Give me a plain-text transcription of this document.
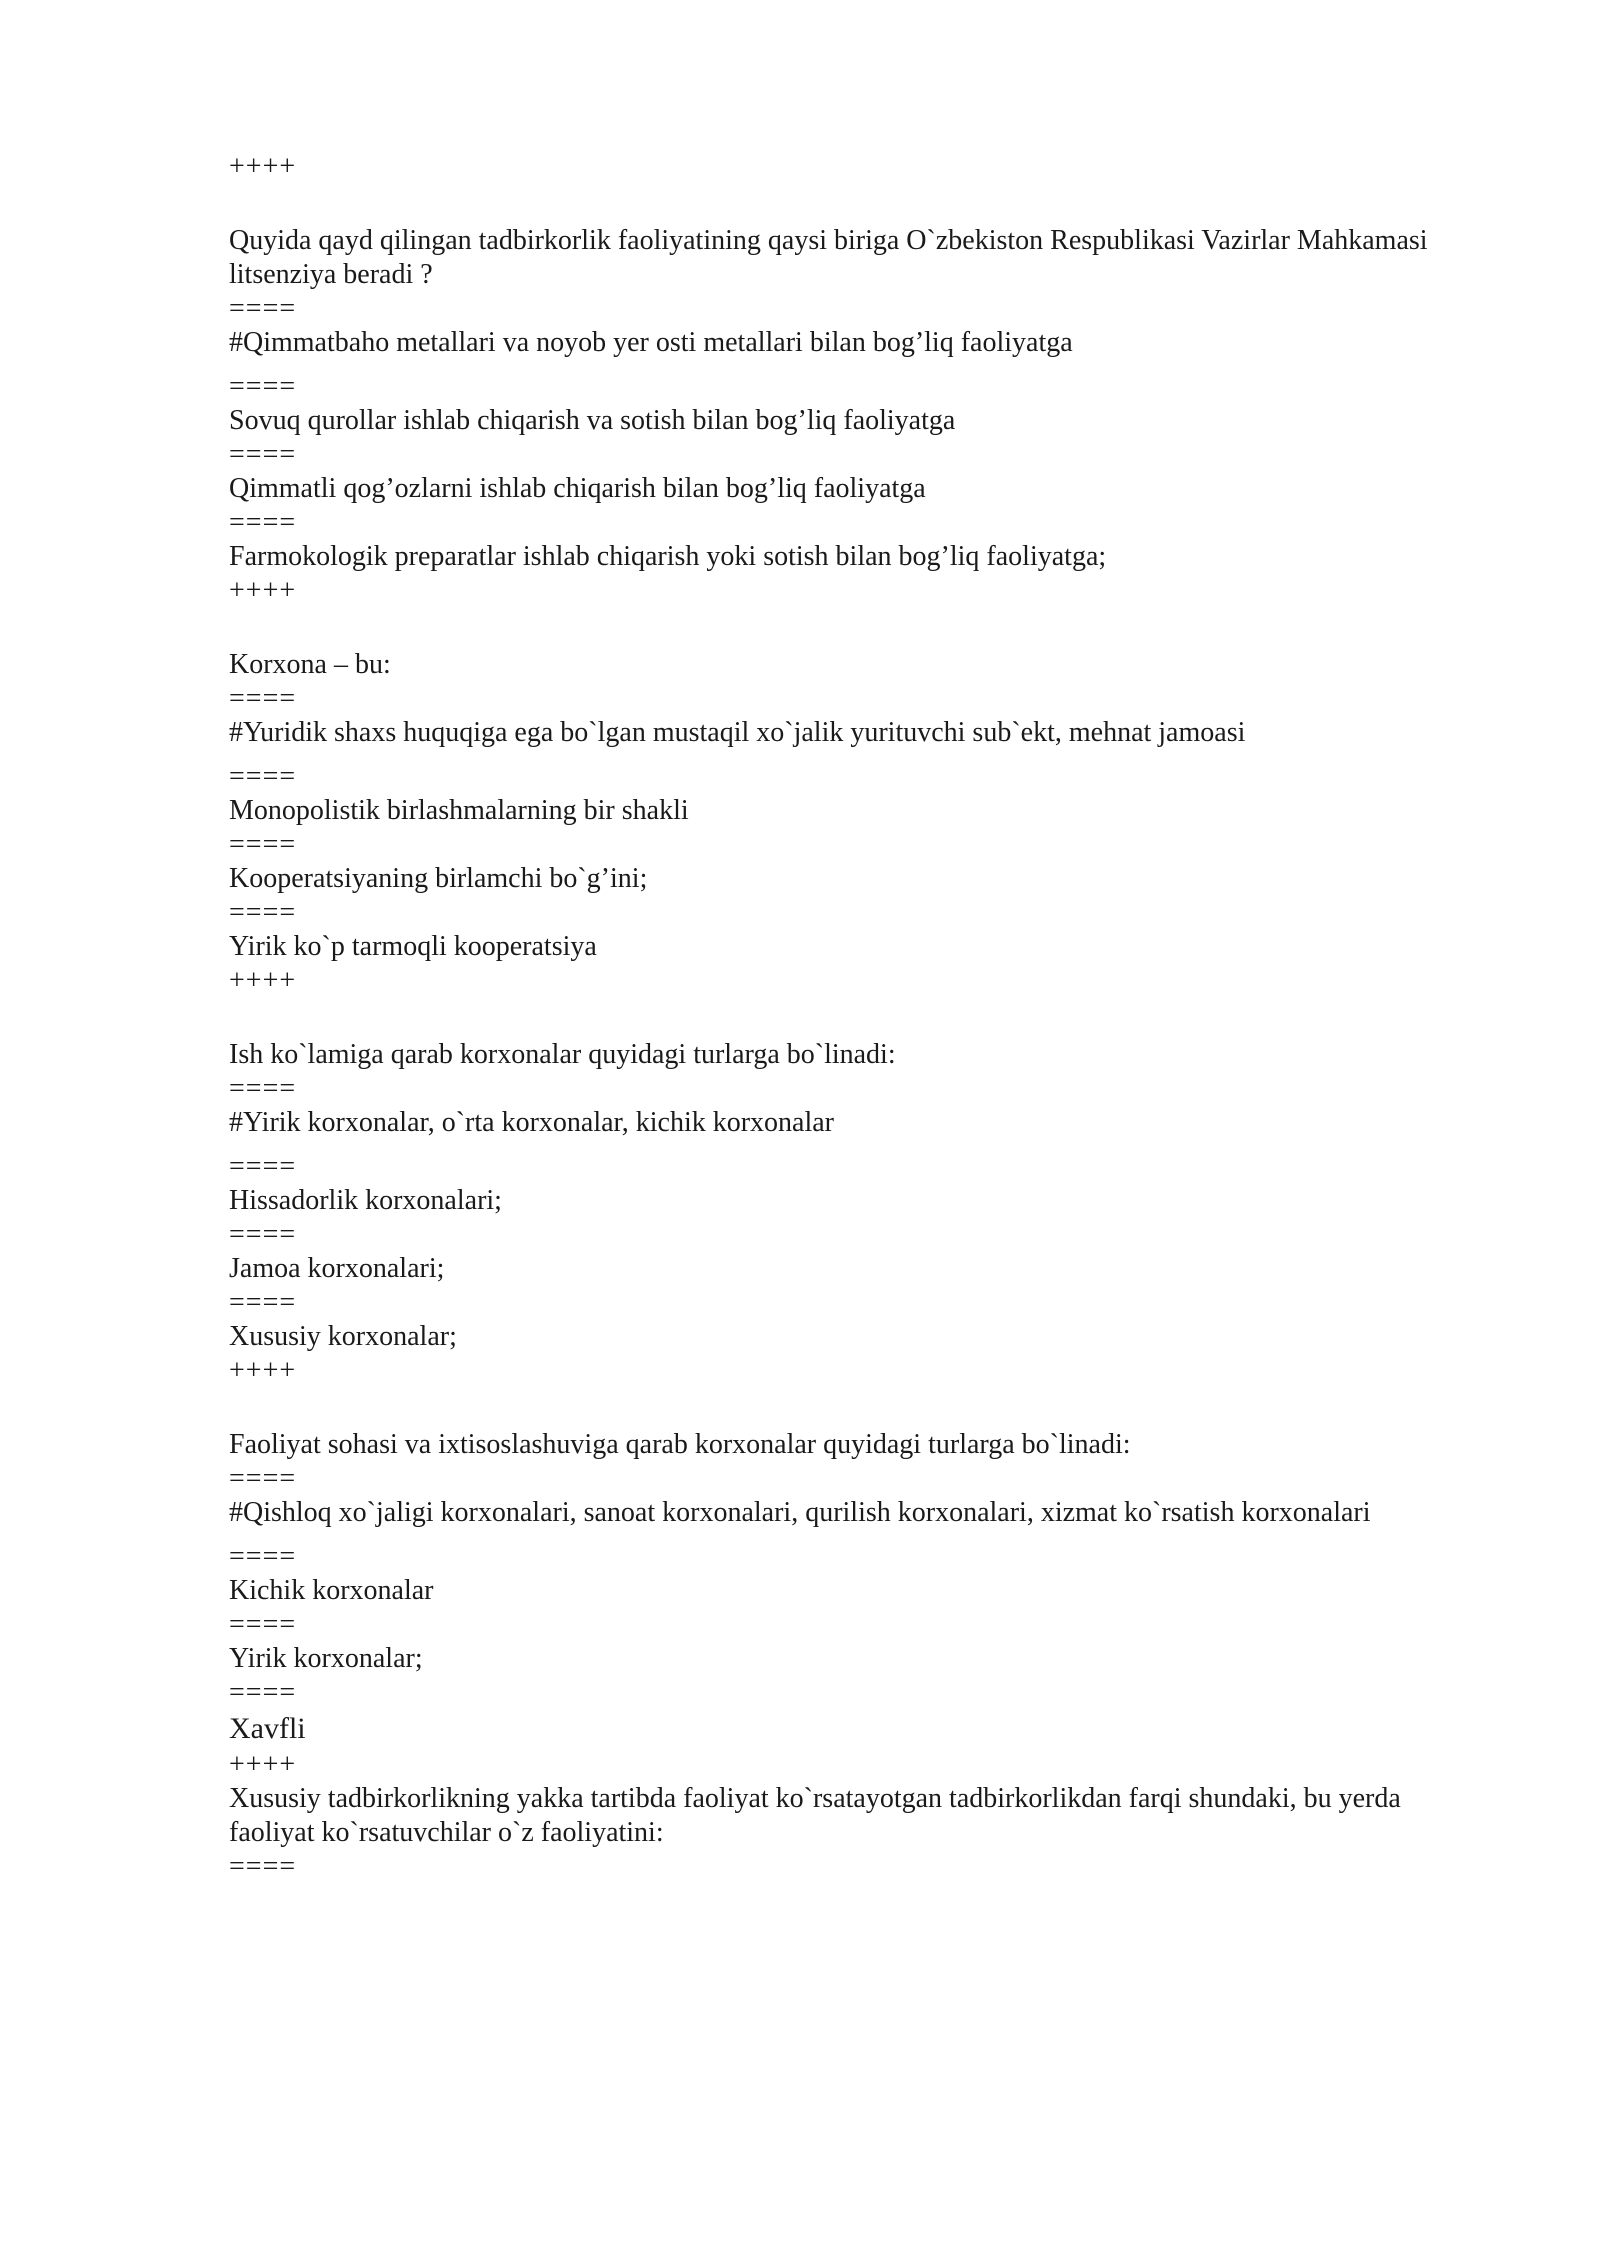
++++
Quyida qayd qilingan tadbirkorlik faoliyatining qaysi biriga O`zbekiston Respublikasi Vazirlar Mahkamasi litsenziya beradi ?
====
#Qimmatbaho metallari va noyob yer osti metallari bilan bog’liq faoliyatga
====
Sovuq qurollar ishlab chiqarish va sotish bilan bog’liq faoliyatga
====
Qimmatli qog’ozlarni ishlab chiqarish bilan bog’liq faoliyatga
====
Farmokologik preparatlar ishlab chiqarish yoki sotish bilan bog’liq faoliyatga;
++++
Korxona – bu:
====
#Yuridik shaxs huquqiga ega bo`lgan mustaqil xo`jalik yurituvchi sub`ekt, mehnat jamoasi
====
Monopolistik birlashmalarning bir shakli
====
Kooperatsiyaning birlamchi bo`g’ini;
====
Yirik ko`p tarmoqli kooperatsiya
++++
Ish ko`lamiga qarab korxonalar quyidagi turlarga bo`linadi:
====
#Yirik korxonalar, o`rta korxonalar, kichik korxonalar
====
Hissadorlik korxonalari;
====
Jamoa korxonalari;
====
Xususiy korxonalar;
++++
Faoliyat sohasi va ixtisoslashuviga qarab korxonalar quyidagi turlarga bo`linadi:
====
#Qishloq xo`jaligi korxonalari, sanoat korxonalari, qurilish korxonalari, xizmat ko`rsatish korxonalari
====
Kichik korxonalar
====
Yirik korxonalar;
====
Xavfli
++++
Xususiy tadbirkorlikning yakka tartibda faoliyat ko`rsatayotgan tadbirkorlikdan farqi shundaki, bu yerda faoliyat ko`rsatuvchilar o`z faoliyatini:
====
